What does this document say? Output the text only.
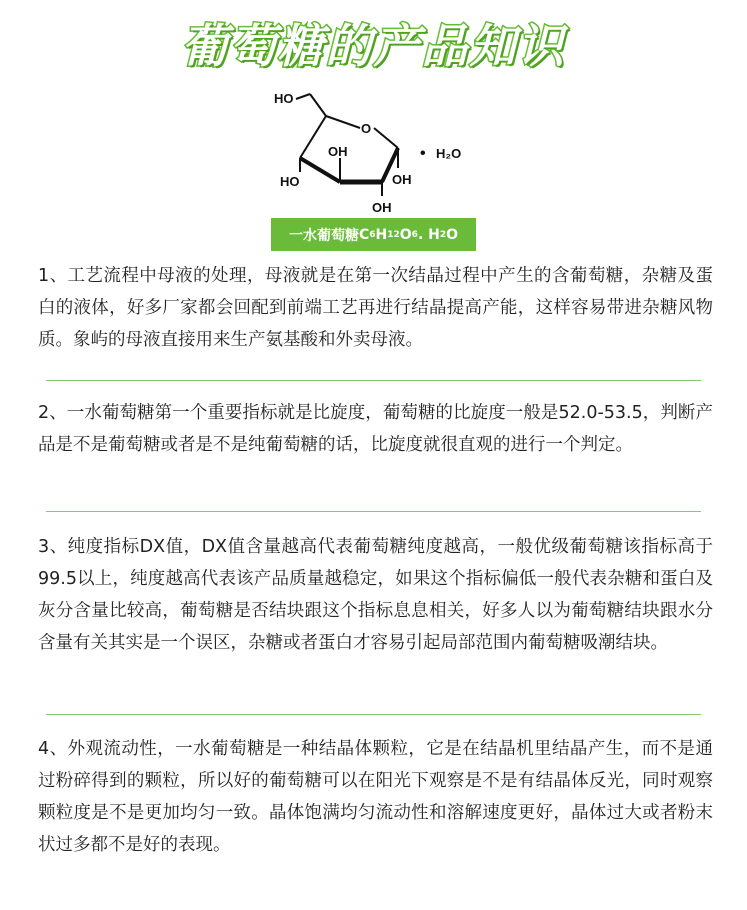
葡萄糖的产品知识
HO
O
OH
HO	OH
OH
• H₂O
一水葡萄糖 C 6 H 12 O 6 . H 2 O
1、工艺流程中母液的处理，母液就是在第一次结晶过程中产生的含葡萄糖，杂糖及蛋白的液体，好多厂家都会回配到前端工艺再进行结晶提高产能，这样容易带进杂糖风物质。象屿的母液直接用来生产氨基酸和外卖母液。
2、一水葡萄糖第一个重要指标就是比旋度，葡萄糖的比旋度一般是52.0-53.5，判断产品是不是葡萄糖或者是不是纯葡萄糖的话，比旋度就很直观的进行一个判定。
3、纯度指标DX值，DX值含量越高代表葡萄糖纯度越高，一般优级葡萄糖该指标高于99.5以上，纯度越高代表该产品质量越稳定，如果这个指标偏低一般代表杂糖和蛋白及灰分含量比较高，葡萄糖是否结块跟这个指标息息相关，好多人以为葡萄糖结块跟水分含量有关其实是一个误区，杂糖或者蛋白才容易引起局部范围内葡萄糖吸潮结块。
4、外观流动性，一水葡萄糖是一种结晶体颗粒，它是在结晶机里结晶产生，而不是通过粉碎得到的颗粒，所以好的葡萄糖可以在阳光下观察是不是有结晶体反光，同时观察颗粒度是不是更加均匀一致。晶体饱满均匀流动性和溶解速度更好，晶体过大或者粉末状过多都不是好的表现。
